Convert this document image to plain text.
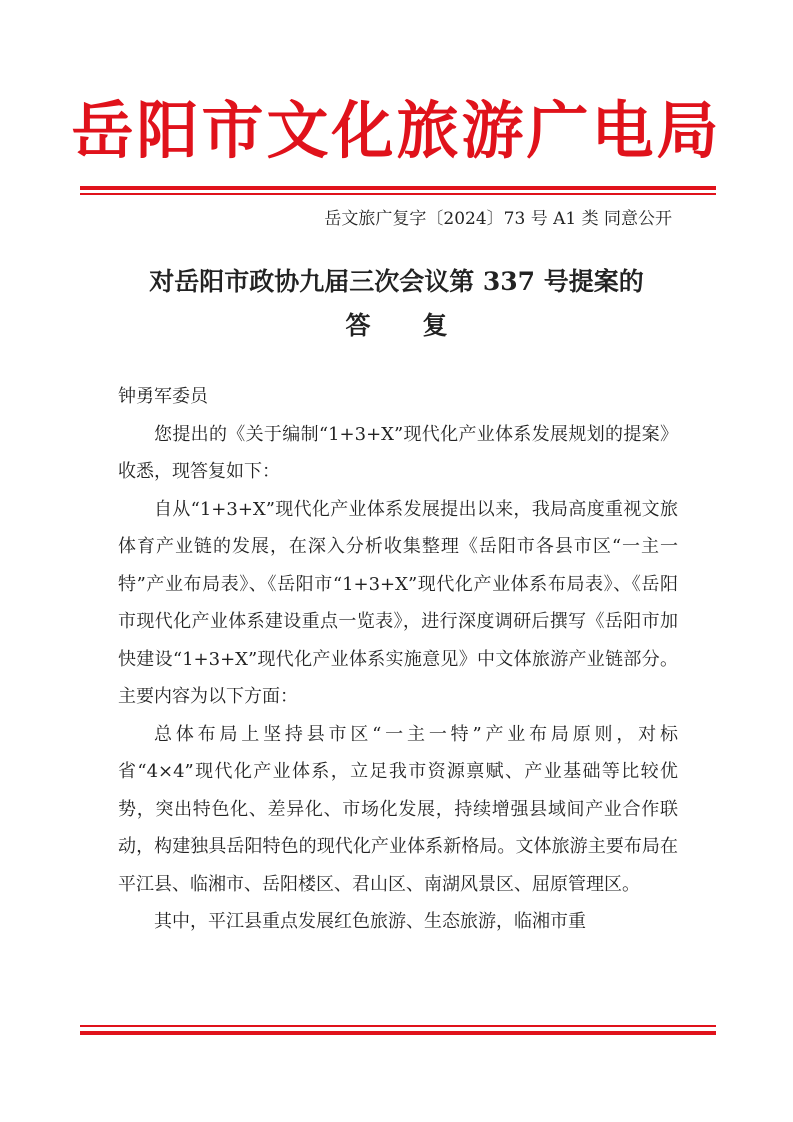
岳阳市文化旅游广电局
岳文旅广复字〔2024〕73 号 A1 类 同意公开
对岳阳市政协九届三次会议第 337 号提案的
答复

钟勇军委员

您提出的《关于编制“1+3+X”现代化产业体系发展规划的提案》收悉，现答复如下：

自从“1+3+X”现代化产业体系发展提出以来，我局高度重视文旅体育产业链的发展，在深入分析收集整理《岳阳市各县市区“一主一特”产业布局表》、《岳阳市“1+3+X”现代化产业体系布局表》、《岳阳市现代化产业体系建设重点一览表》，进行深度调研后撰写《岳阳市加快建设“1+3+X”现代化产业体系实施意见》中文体旅游产业链部分。主要内容为以下方面：

总体布局上坚持县市区“一主一特”产业布局原则，对标省“4×4”现代化产业体系，立足我市资源禀赋、产业基础等比较优势，突出特色化、差异化、市场化发展，持续增强县域间产业合作联动，构建独具岳阳特色的现代化产业体系新格局。文体旅游主要布局在平江县、临湘市、岳阳楼区、君山区、南湖风景区、屈原管理区。

其中，平江县重点发展红色旅游、生态旅游，临湘市重
